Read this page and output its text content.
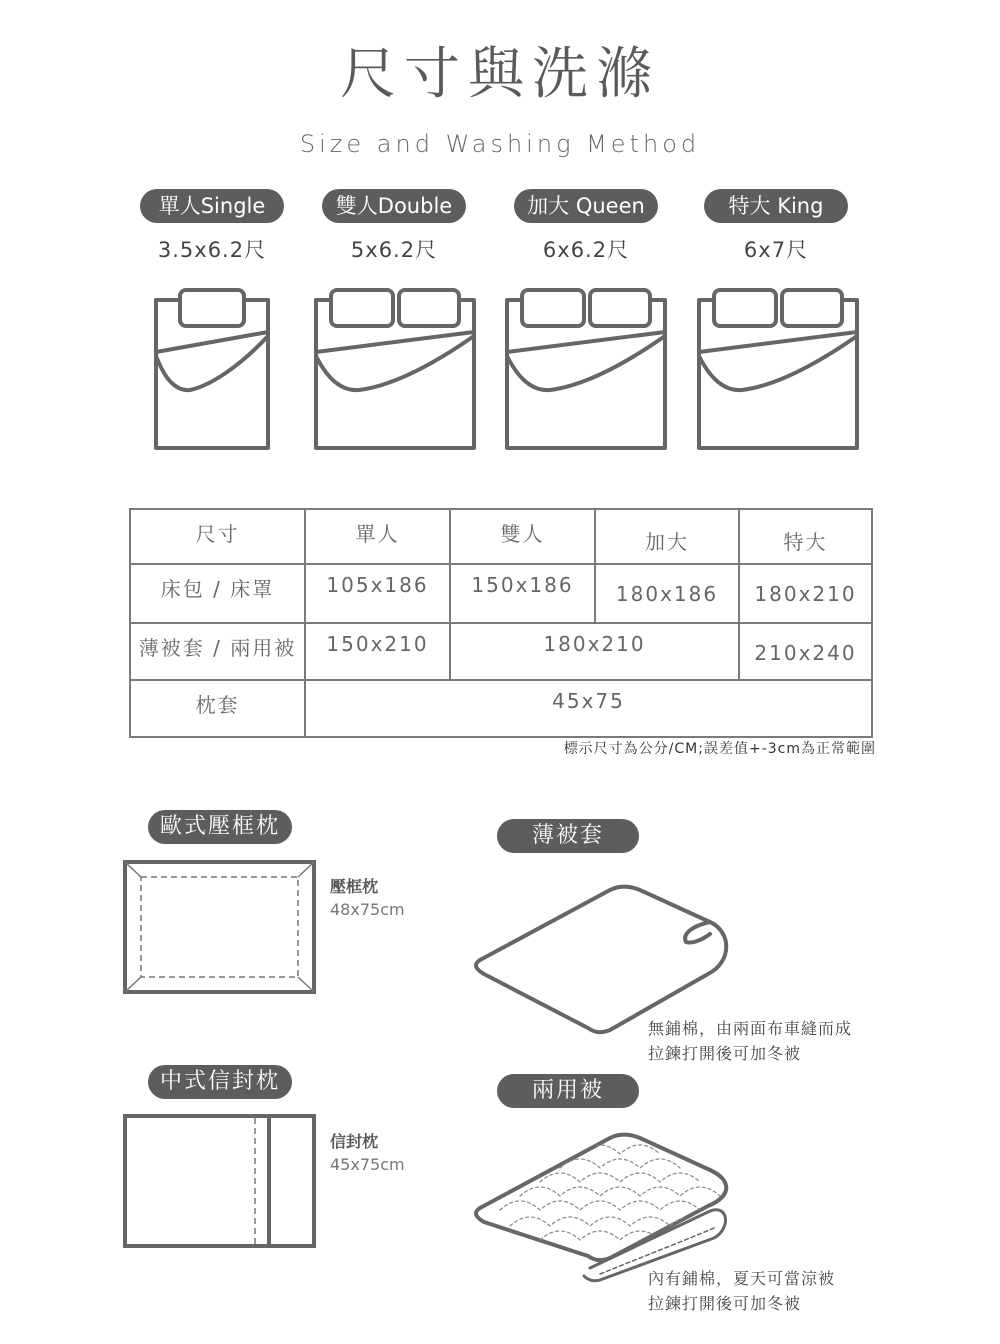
尺寸與洗滌
Size and Washing Method
單人Single	雙人Double	加大 Queen	特大 King
3.5x6.2尺	5x6.2尺	6x6.2尺	6x7尺
尺寸	單人	雙人	加大	特大
床包 / 床罩	105x186	150x186	180x186	180x210
薄被套 / 兩用被	150x210	180x210		210x240
枕套	45x75			
標示尺寸為公分/CM;誤差值+-3cm為正常範圍
歐式壓框枕
壓框枕
48x75cm
中式信封枕
信封枕
45x75cm
薄被套
無鋪棉，由兩面布車縫而成
拉鍊打開後可加冬被
兩用被
內有鋪棉，夏天可當涼被
拉鍊打開後可加冬被
